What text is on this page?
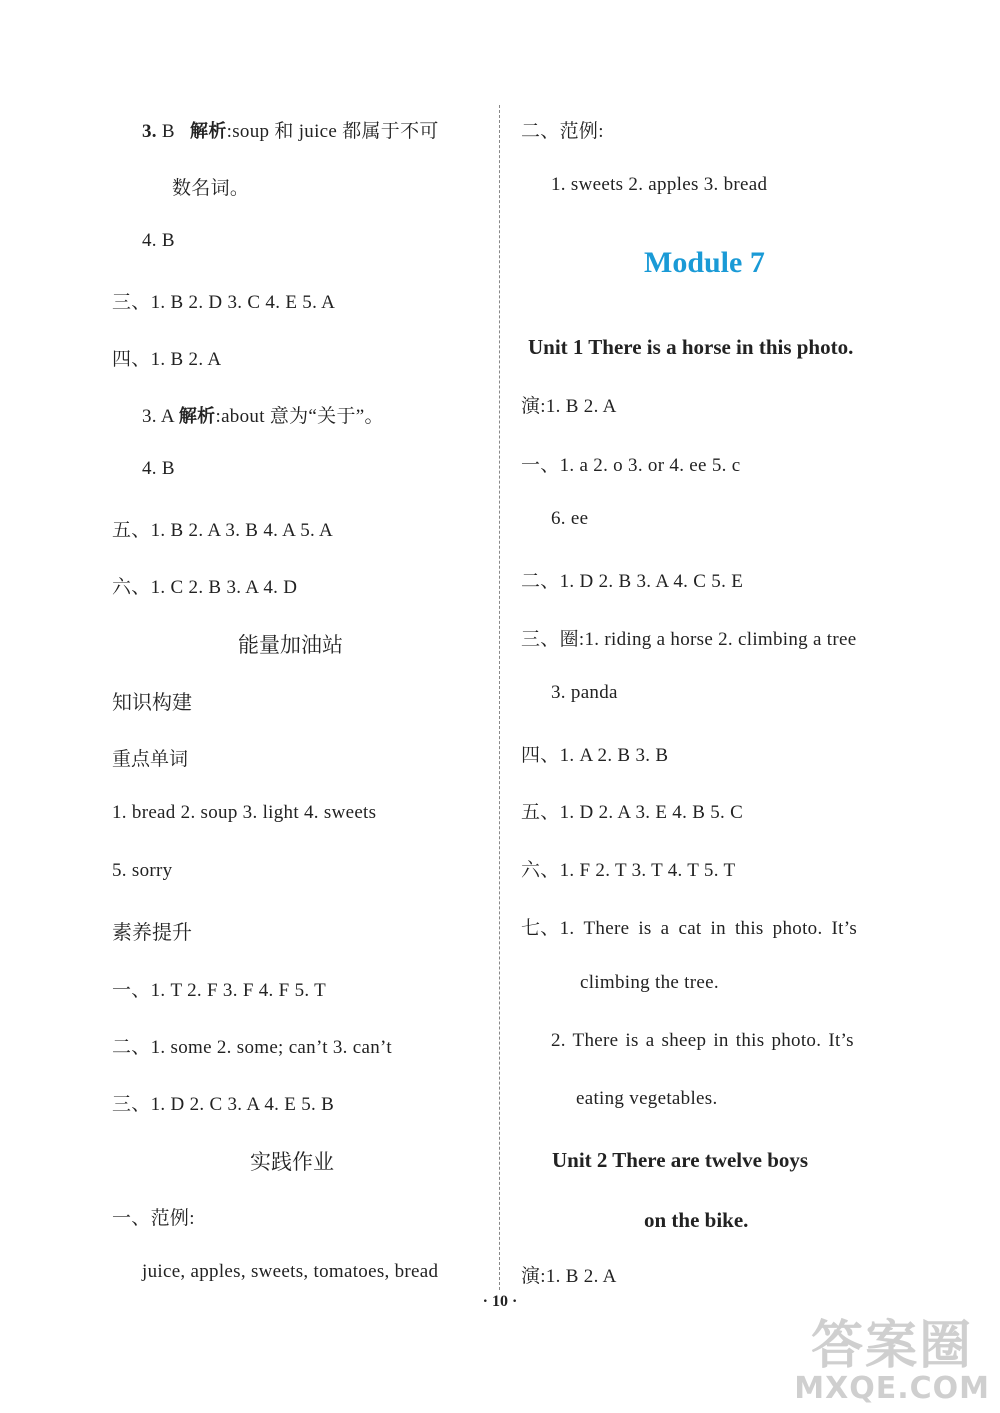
3. B 解析:soup 和 juice 都属于不可
数名词。
4. B
三、1. B 2. D 3. C 4. E 5. A
四、1. B 2. A
3. A 解析:about 意为“关于”。
4. B
五、1. B 2. A 3. B 4. A 5. A
六、1. C 2. B 3. A 4. D
能量加油站
知识构建
重点单词
1. bread 2. soup 3. light 4. sweets
5. sorry
素养提升
一、1. T 2. F 3. F 4. F 5. T
二、1. some 2. some; can’t 3. can’t
三、1. D 2. C 3. A 4. E 5. B
实践作业
一、范例:
juice, apples, sweets, tomatoes, bread
二、范例:
1. sweets 2. apples 3. bread
Module 7
Unit 1 There is a horse in this photo.
演:1. B 2. A
一、1. a 2. o 3. or 4. ee 5. c
6. ee
二、1. D 2. B 3. A 4. C 5. E
三、圈:1. riding a horse 2. climbing a tree
3. panda
四、1. A 2. B 3. B
五、1. D 2. A 3. E 4. B 5. C
六、1. F 2. T 3. T 4. T 5. T
七、1. There is a cat in this photo. It’s
climbing the tree.
2. There is a sheep in this photo. It’s
eating vegetables.
Unit 2 There are twelve boys
on the bike.
演:1. B 2. A
· 10 ·
答案圈
MXQE.COM
